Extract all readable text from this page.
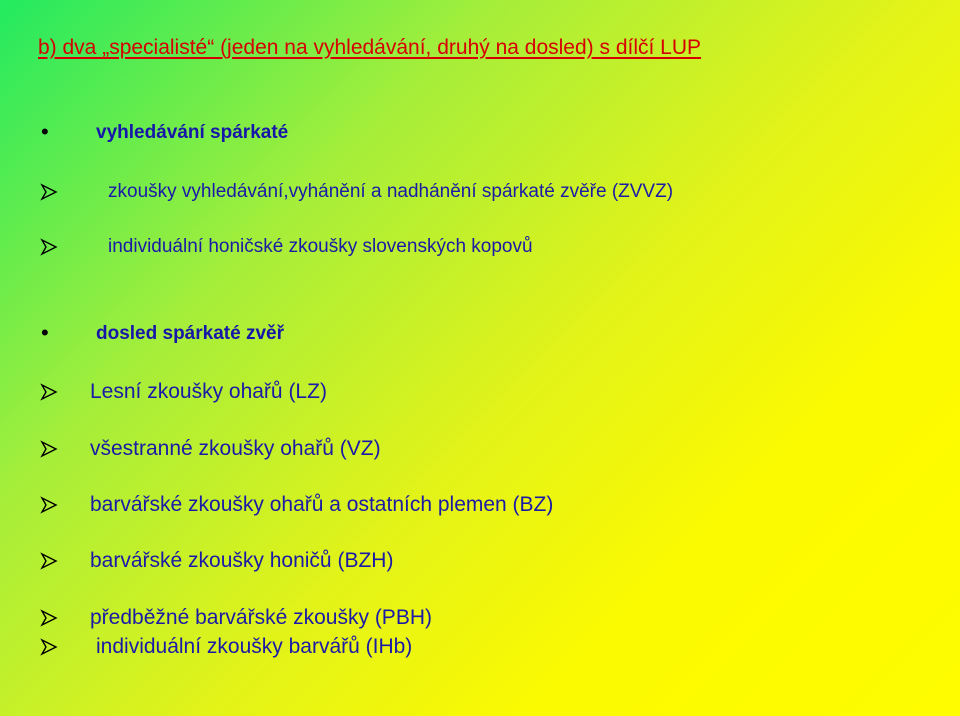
b) dva „specialisté“ (jeden na vyhledávání, druhý na dosled) s dílčí LUP
• vyhledávání spárkaté
zkoušky vyhledávání,vyhánění a nadhánění spárkaté zvěře (ZVVZ)
individuální honičské zkoušky slovenských kopovů
• dosled spárkaté zvěř
Lesní zkoušky ohařů (LZ)
všestranné zkoušky ohařů (VZ)
barvářské zkoušky ohařů a ostatních plemen (BZ)
barvářské zkoušky honičů (BZH)
předběžné barvářské zkoušky (PBH)
individuální zkoušky barvářů (IHb)
